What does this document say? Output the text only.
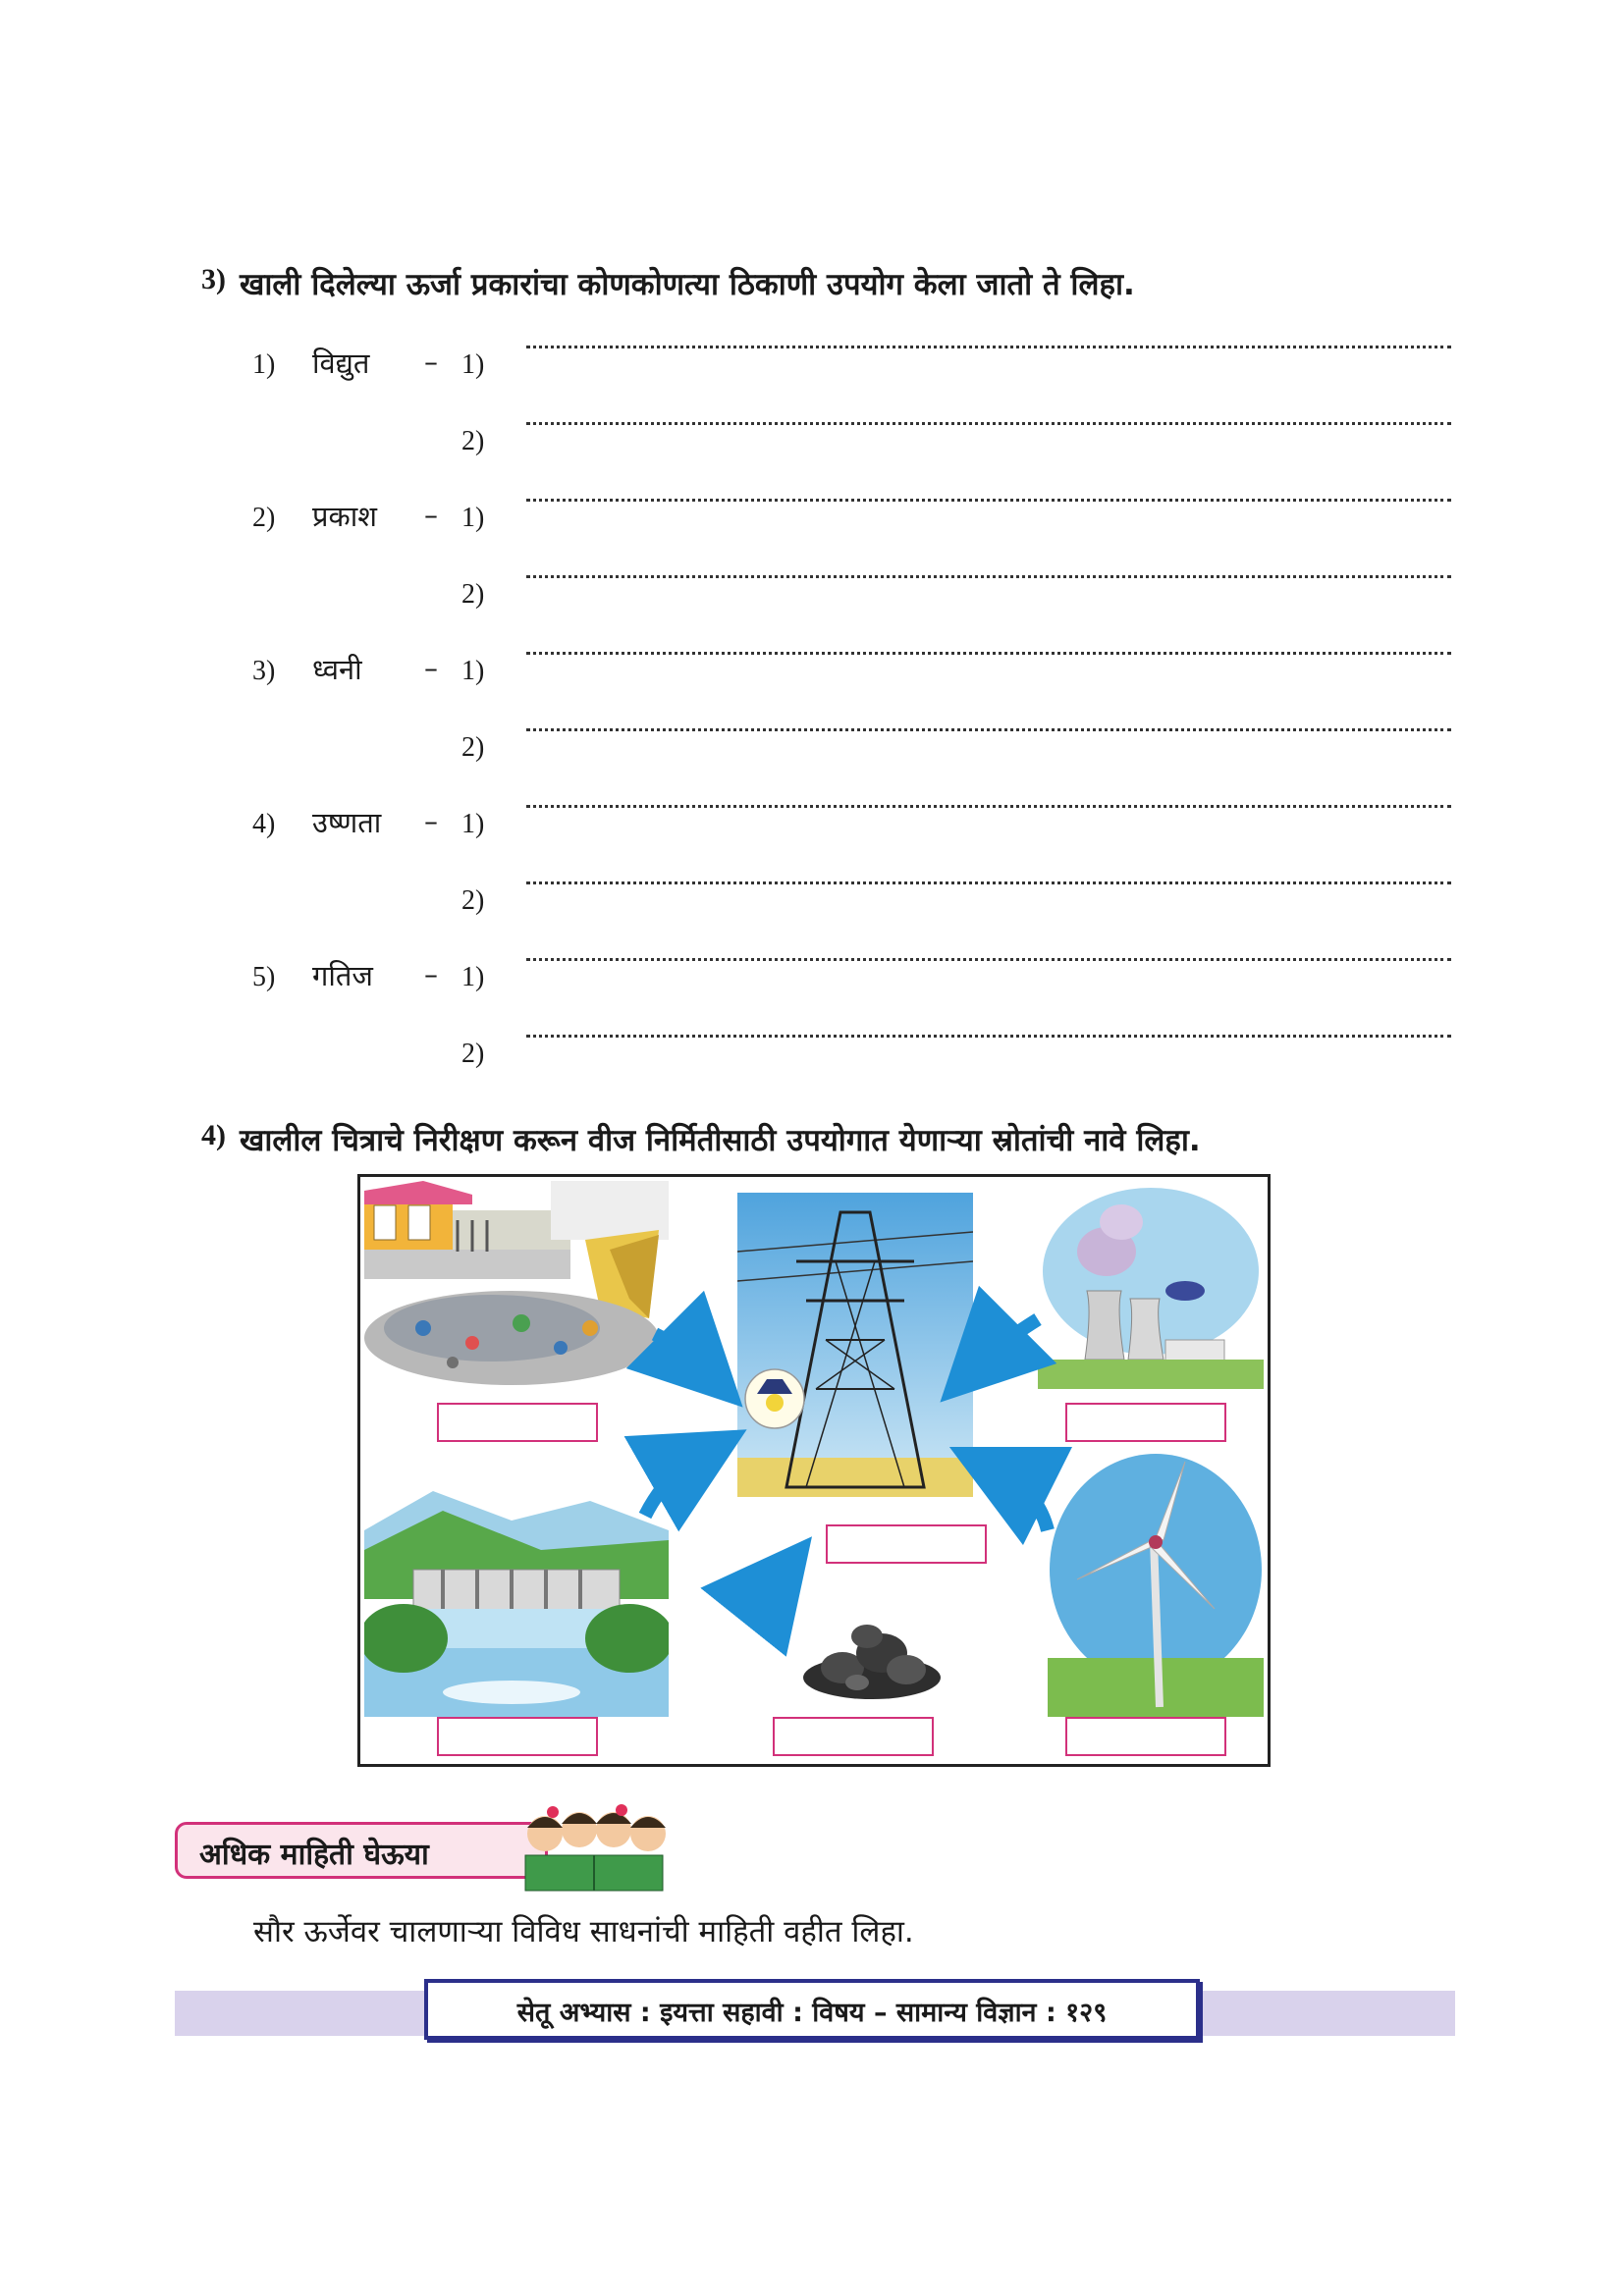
3) खाली दिलेल्या ऊर्जा प्रकारांचा कोणकोणत्या ठिकाणी उपयोग केला जातो ते लिहा.
1) विद्युत – 1)
2)
2) प्रकाश – 1)
2)
3) ध्वनी – 1)
2)
4) उष्णता – 1)
2)
5) गतिज – 1)
2)
4) खालील चित्राचे निरीक्षण करून वीज निर्मितीसाठी उपयोगात येणाऱ्या स्रोतांची नावे लिहा.
अधिक माहिती घेऊया
सौर ऊर्जेवर चालणाऱ्या विविध साधनांची माहिती वहीत लिहा.
सेतू अभ्यास : इयत्ता सहावी : विषय – सामान्य विज्ञान : १२९
